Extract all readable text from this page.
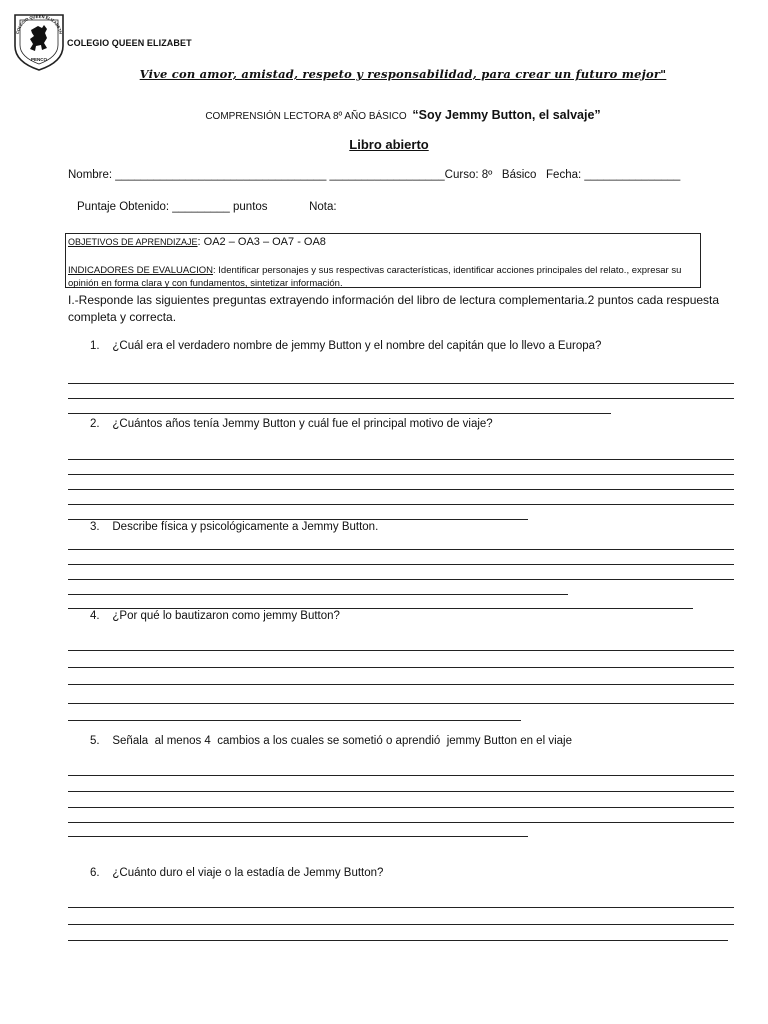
COLEGIO QUEEN ELIZABETH
PENCO
COLEGIO QUEEN ELIZABET
Vive con amor, amistad, respeto y responsabilidad, para crear un futuro mejor"
COMPRENSIÓN LECTORA 8º AÑO BÁSICO “Soy Jemmy Button, el salvaje”
Libro abierto
Nombre: _________________________________ __________________Curso: 8º   Básico   Fecha: _______________
Puntaje Obtenido: _________ puntos             Nota:
OBJETIVOS DE APRENDIZAJE: OA2 – OA3 – OA7 - OA8
INDICADORES DE EVALUACION: Identificar personajes y sus respectivas características, identificar acciones principales del relato., expresar su opinión en forma clara y con fundamentos, sintetizar información.
I.-Responde las siguientes preguntas extrayendo información del libro de lectura complementaria.2 puntos cada respuesta completa y correcta.
1.    ¿Cuál era el verdadero nombre de jemmy Button y el nombre del capitán que lo llevo a Europa?
2.    ¿Cuántos años tenía Jemmy Button y cuál fue el principal motivo de viaje?
3.    Describe física y psicológicamente a Jemmy Button.
4.    ¿Por qué lo bautizaron como jemmy Button?
5.    Señala  al menos 4  cambios a los cuales se sometió o aprendió  jemmy Button en el viaje
6.    ¿Cuánto duro el viaje o la estadía de Jemmy Button?
